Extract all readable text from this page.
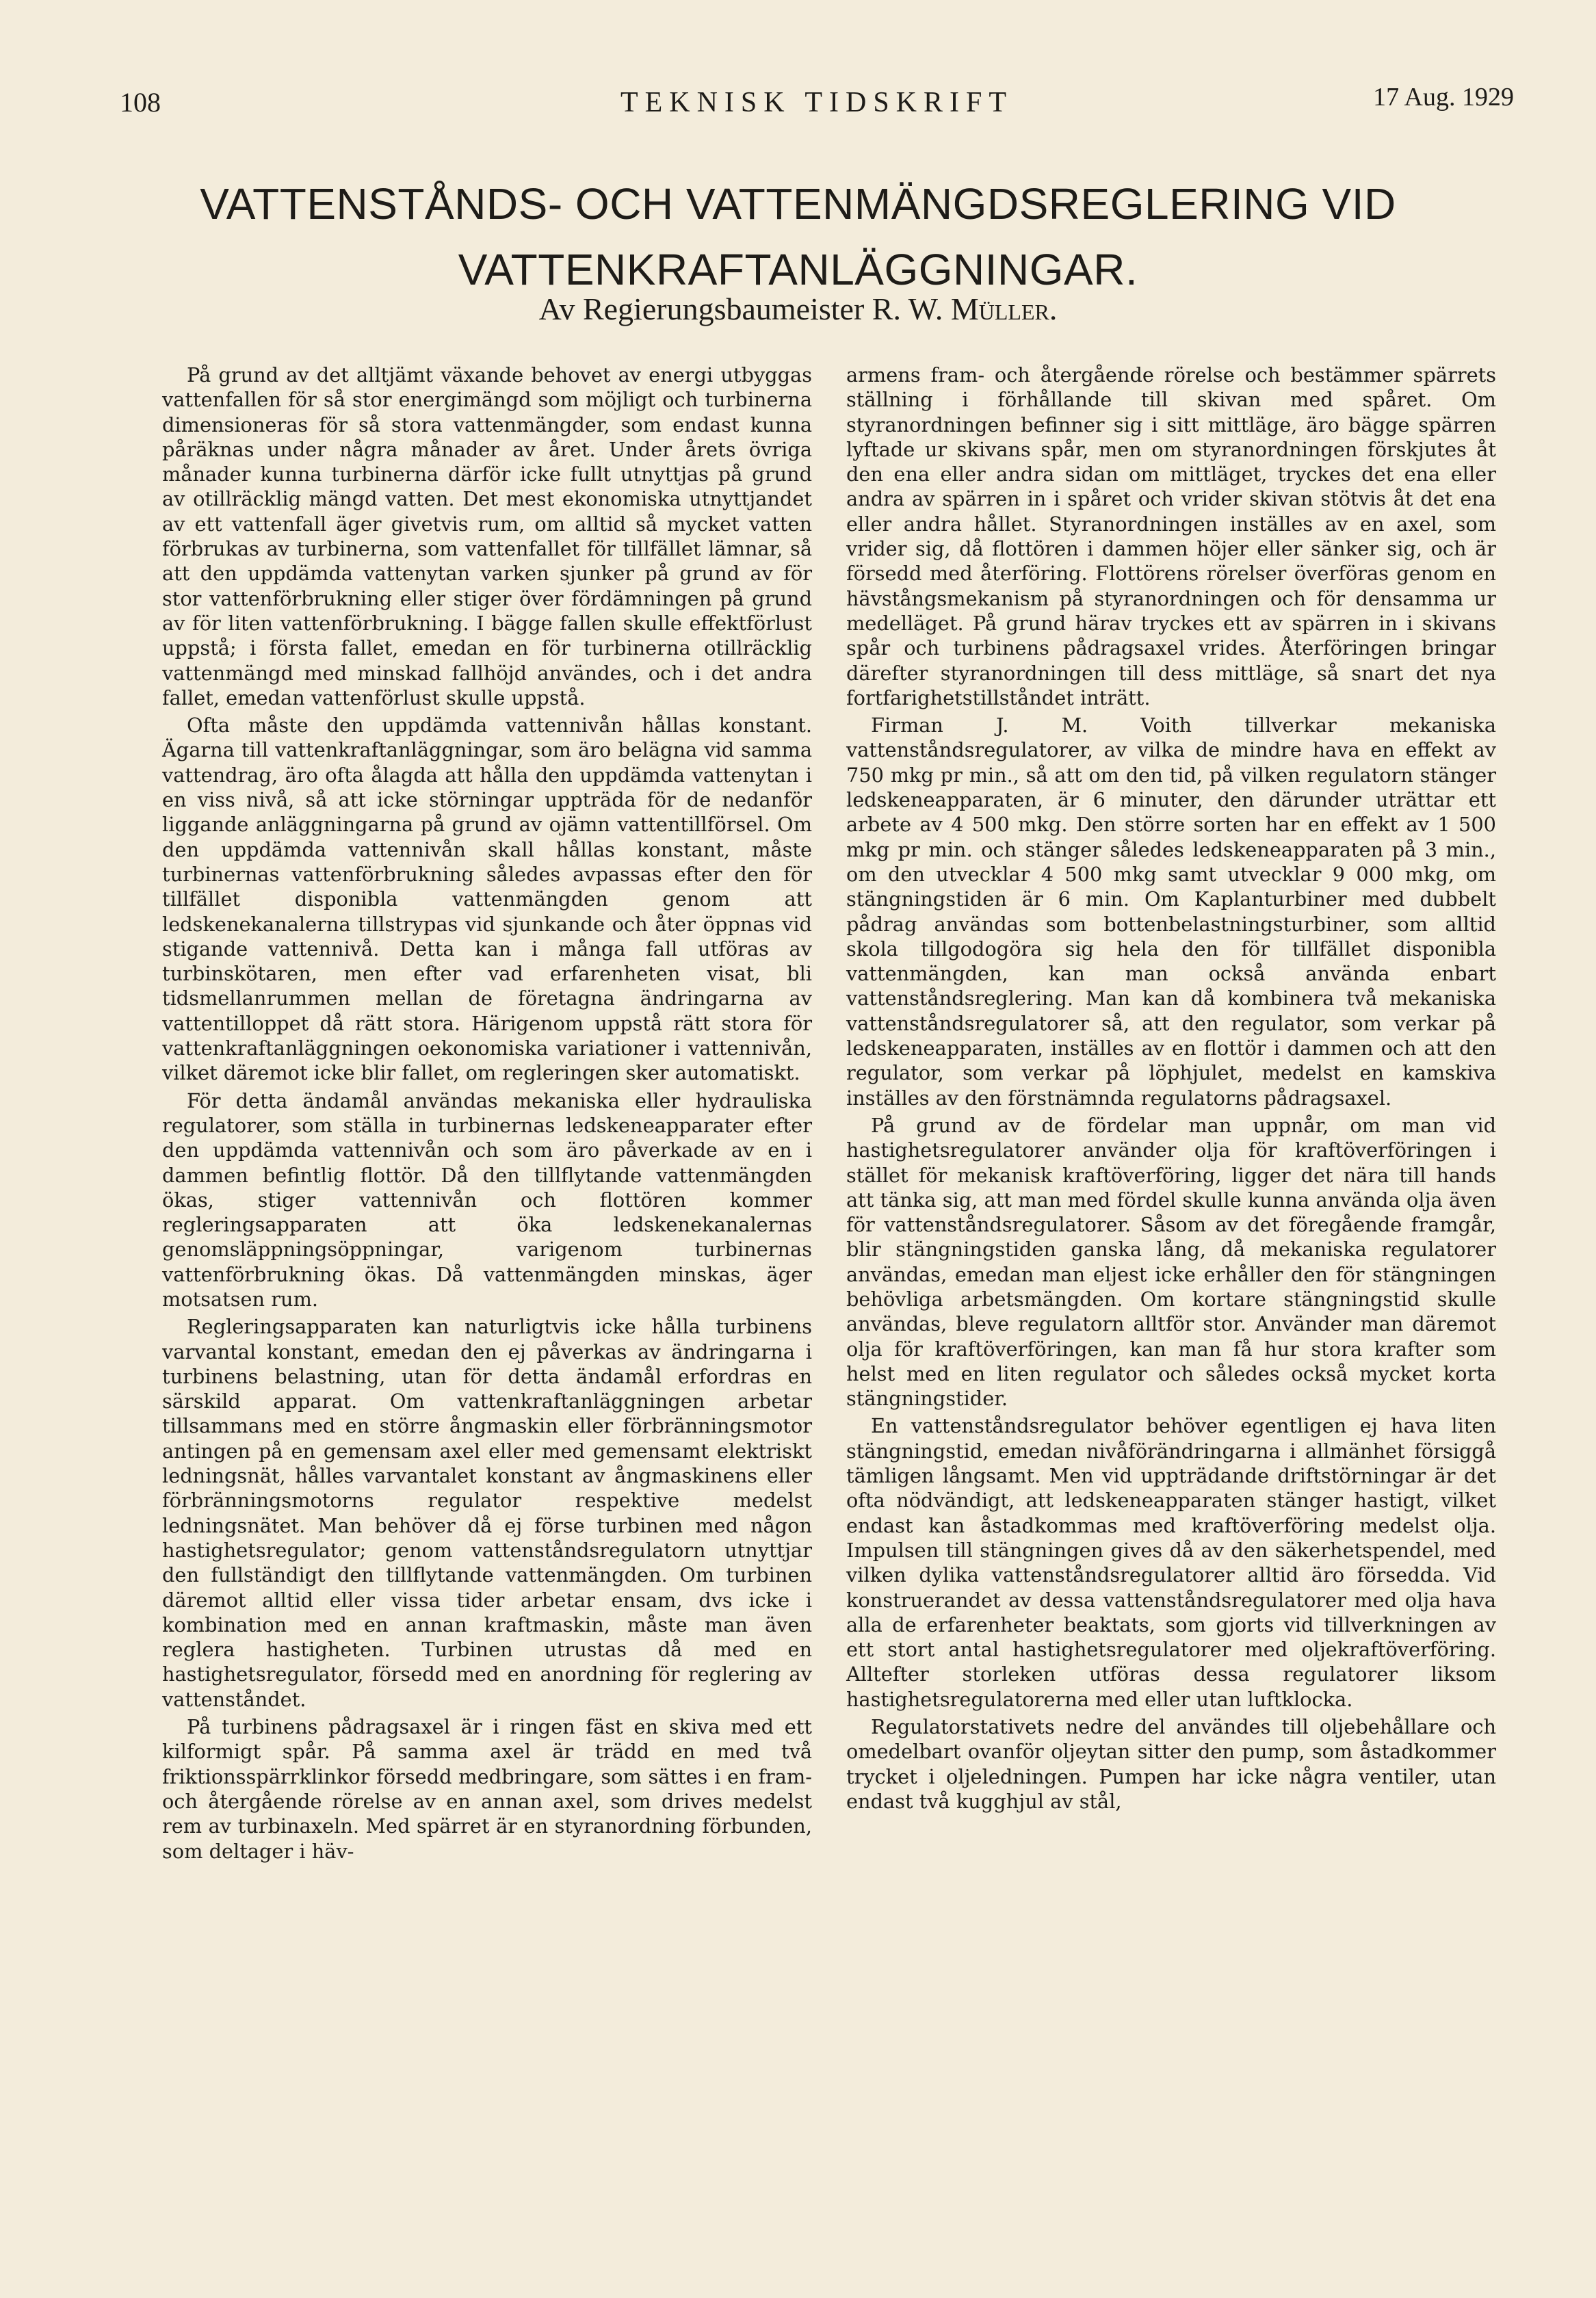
108	TEKNISK TIDSKRIFT	17 Aug. 1929
VATTENSTÅNDS- OCH VATTENMÄNGDSREGLERING VID
VATTENKRAFTANLÄGGNINGAR.
Av Regierungsbaumeister R. W. Müller.

På grund av det alltjämt växande behovet av energi utbyggas vattenfallen för så stor energimängd som möjligt och turbinerna dimensioneras för så stora vattenmängder, som endast kunna påräknas under några månader av året. Under årets övriga månader kunna turbinerna därför icke fullt utnyttjas på grund av otillräcklig mängd vatten. Det mest ekonomiska utnyttjandet av ett vattenfall äger givetvis rum, om alltid så mycket vatten förbrukas av turbinerna, som vattenfallet för tillfället lämnar, så att den uppdämda vattenytan varken sjunker på grund av för stor vattenförbrukning eller stiger över fördämningen på grund av för liten vattenförbrukning. I bägge fallen skulle effektförlust uppstå; i första fallet, emedan en för turbinerna otillräcklig vattenmängd med minskad fallhöjd användes, och i det andra fallet, emedan vattenförlust skulle uppstå.

Ofta måste den uppdämda vattennivån hållas konstant. Ägarna till vattenkraftanläggningar, som äro belägna vid samma vattendrag, äro ofta ålagda att hålla den uppdämda vattenytan i en viss nivå, så att icke störningar uppträda för de nedanför liggande anläggningarna på grund av ojämn vattentillförsel. Om den uppdämda vattennivån skall hållas konstant, måste turbinernas vattenförbrukning således avpassas efter den för tillfället disponibla vattenmängden genom att ledskenekanalerna tillstrypas vid sjunkande och åter öppnas vid stigande vattennivå. Detta kan i många fall utföras av turbinskötaren, men efter vad erfarenheten visat, bli tidsmellanrummen mellan de företagna ändringarna av vattentilloppet då rätt stora. Härigenom uppstå rätt stora för vattenkraftanläggningen oekonomiska variationer i vattennivån, vilket däremot icke blir fallet, om regleringen sker automatiskt.

För detta ändamål användas mekaniska eller hydrauliska regulatorer, som ställa in turbinernas ledskeneapparater efter den uppdämda vattennivån och som äro påverkade av en i dammen befintlig flottör. Då den tillflytande vattenmängden ökas, stiger vattennivån och flottören kommer regleringsapparaten att öka ledskenekanalernas genomsläppningsöppningar, varigenom turbinernas vattenförbrukning ökas. Då vattenmängden minskas, äger motsatsen rum.

Regleringsapparaten kan naturligtvis icke hålla turbinens varvantal konstant, emedan den ej påverkas av ändringarna i turbinens belastning, utan för detta ändamål erfordras en särskild apparat. Om vattenkraftanläggningen arbetar tillsammans med en större ångmaskin eller förbränningsmotor antingen på en gemensam axel eller med gemensamt elektriskt ledningsnät, hålles varvantalet konstant av ångmaskinens eller förbränningsmotorns regulator respektive medelst ledningsnätet. Man behöver då ej förse turbinen med någon hastighetsregulator; genom vattenståndsregulatorn utnyttjar den fullständigt den tillflytande vattenmängden. Om turbinen däremot alltid eller vissa tider arbetar ensam, dvs icke i kombination med en annan kraftmaskin, måste man även reglera hastigheten. Turbinen utrustas då med en hastighetsregulator, försedd med en anordning för reglering av vattenståndet.

På turbinens pådragsaxel är i ringen fäst en skiva med ett kilformigt spår. På samma axel är trädd en med två friktionsspärrklinkor försedd medbringare, som sättes i en fram- och återgående rörelse av en annan axel, som drives medelst rem av turbinaxeln. Med spärret är en styranordning förbunden, som deltager i häv-

armens fram- och återgående rörelse och bestämmer spärrets ställning i förhållande till skivan med spåret. Om styranordningen befinner sig i sitt mittläge, äro bägge spärren lyftade ur skivans spår, men om styranordningen förskjutes åt den ena eller andra sidan om mittläget, tryckes det ena eller andra av spärren in i spåret och vrider skivan stötvis åt det ena eller andra hållet. Styranordningen inställes av en axel, som vrider sig, då flottören i dammen höjer eller sänker sig, och är försedd med återföring. Flottörens rörelser överföras genom en hävstångsmekanism på styranordningen och för densamma ur medelläget. På grund härav tryckes ett av spärren in i skivans spår och turbinens pådragsaxel vrides. Återföringen bringar därefter styranordningen till dess mittläge, så snart det nya fortfarighetstillståndet inträtt.

Firman J. M. Voith tillverkar mekaniska vattenståndsregulatorer, av vilka de mindre hava en effekt av 750 mkg pr min., så att om den tid, på vilken regulatorn stänger ledskeneapparaten, är 6 minuter, den därunder uträttar ett arbete av 4 500 mkg. Den större sorten har en effekt av 1 500 mkg pr min. och stänger således ledskeneapparaten på 3 min., om den utvecklar 4 500 mkg samt utvecklar 9 000 mkg, om stängningstiden är 6 min. Om Kaplanturbiner med dubbelt pådrag användas som bottenbelastningsturbiner, som alltid skola tillgodogöra sig hela den för tillfället disponibla vattenmängden, kan man också använda enbart vattenståndsreglering. Man kan då kombinera två mekaniska vattenståndsregulatorer så, att den regulator, som verkar på ledskeneapparaten, inställes av en flottör i dammen och att den regulator, som verkar på löphjulet, medelst en kamskiva inställes av den förstnämnda regulatorns pådragsaxel.

På grund av de fördelar man uppnår, om man vid hastighetsregulatorer använder olja för kraftöverföringen i stället för mekanisk kraftöverföring, ligger det nära till hands att tänka sig, att man med fördel skulle kunna använda olja även för vattenståndsregulatorer. Såsom av det föregående framgår, blir stängningstiden ganska lång, då mekaniska regulatorer användas, emedan man eljest icke erhåller den för stängningen behövliga arbetsmängden. Om kortare stängningstid skulle användas, bleve regulatorn alltför stor. Använder man däremot olja för kraftöverföringen, kan man få hur stora krafter som helst med en liten regulator och således också mycket korta stängningstider.

En vattenståndsregulator behöver egentligen ej hava liten stängningstid, emedan nivåförändringarna i allmänhet försiggå tämligen långsamt. Men vid uppträdande driftstörningar är det ofta nödvändigt, att ledskeneapparaten stänger hastigt, vilket endast kan åstadkommas med kraftöverföring medelst olja. Impulsen till stängningen gives då av den säkerhetspendel, med vilken dylika vattenståndsregulatorer alltid äro försedda. Vid konstruerandet av dessa vattenståndsregulatorer med olja hava alla de erfarenheter beaktats, som gjorts vid tillverkningen av ett stort antal hastighetsregulatorer med oljekraftöverföring. Alltefter storleken utföras dessa regulatorer liksom hastighetsregulatorerna med eller utan luftklocka.

Regulatorstativets nedre del användes till oljebehållare och omedelbart ovanför oljeytan sitter den pump, som åstadkommer trycket i oljeledningen. Pumpen har icke några ventiler, utan endast två kugghjul av stål,
